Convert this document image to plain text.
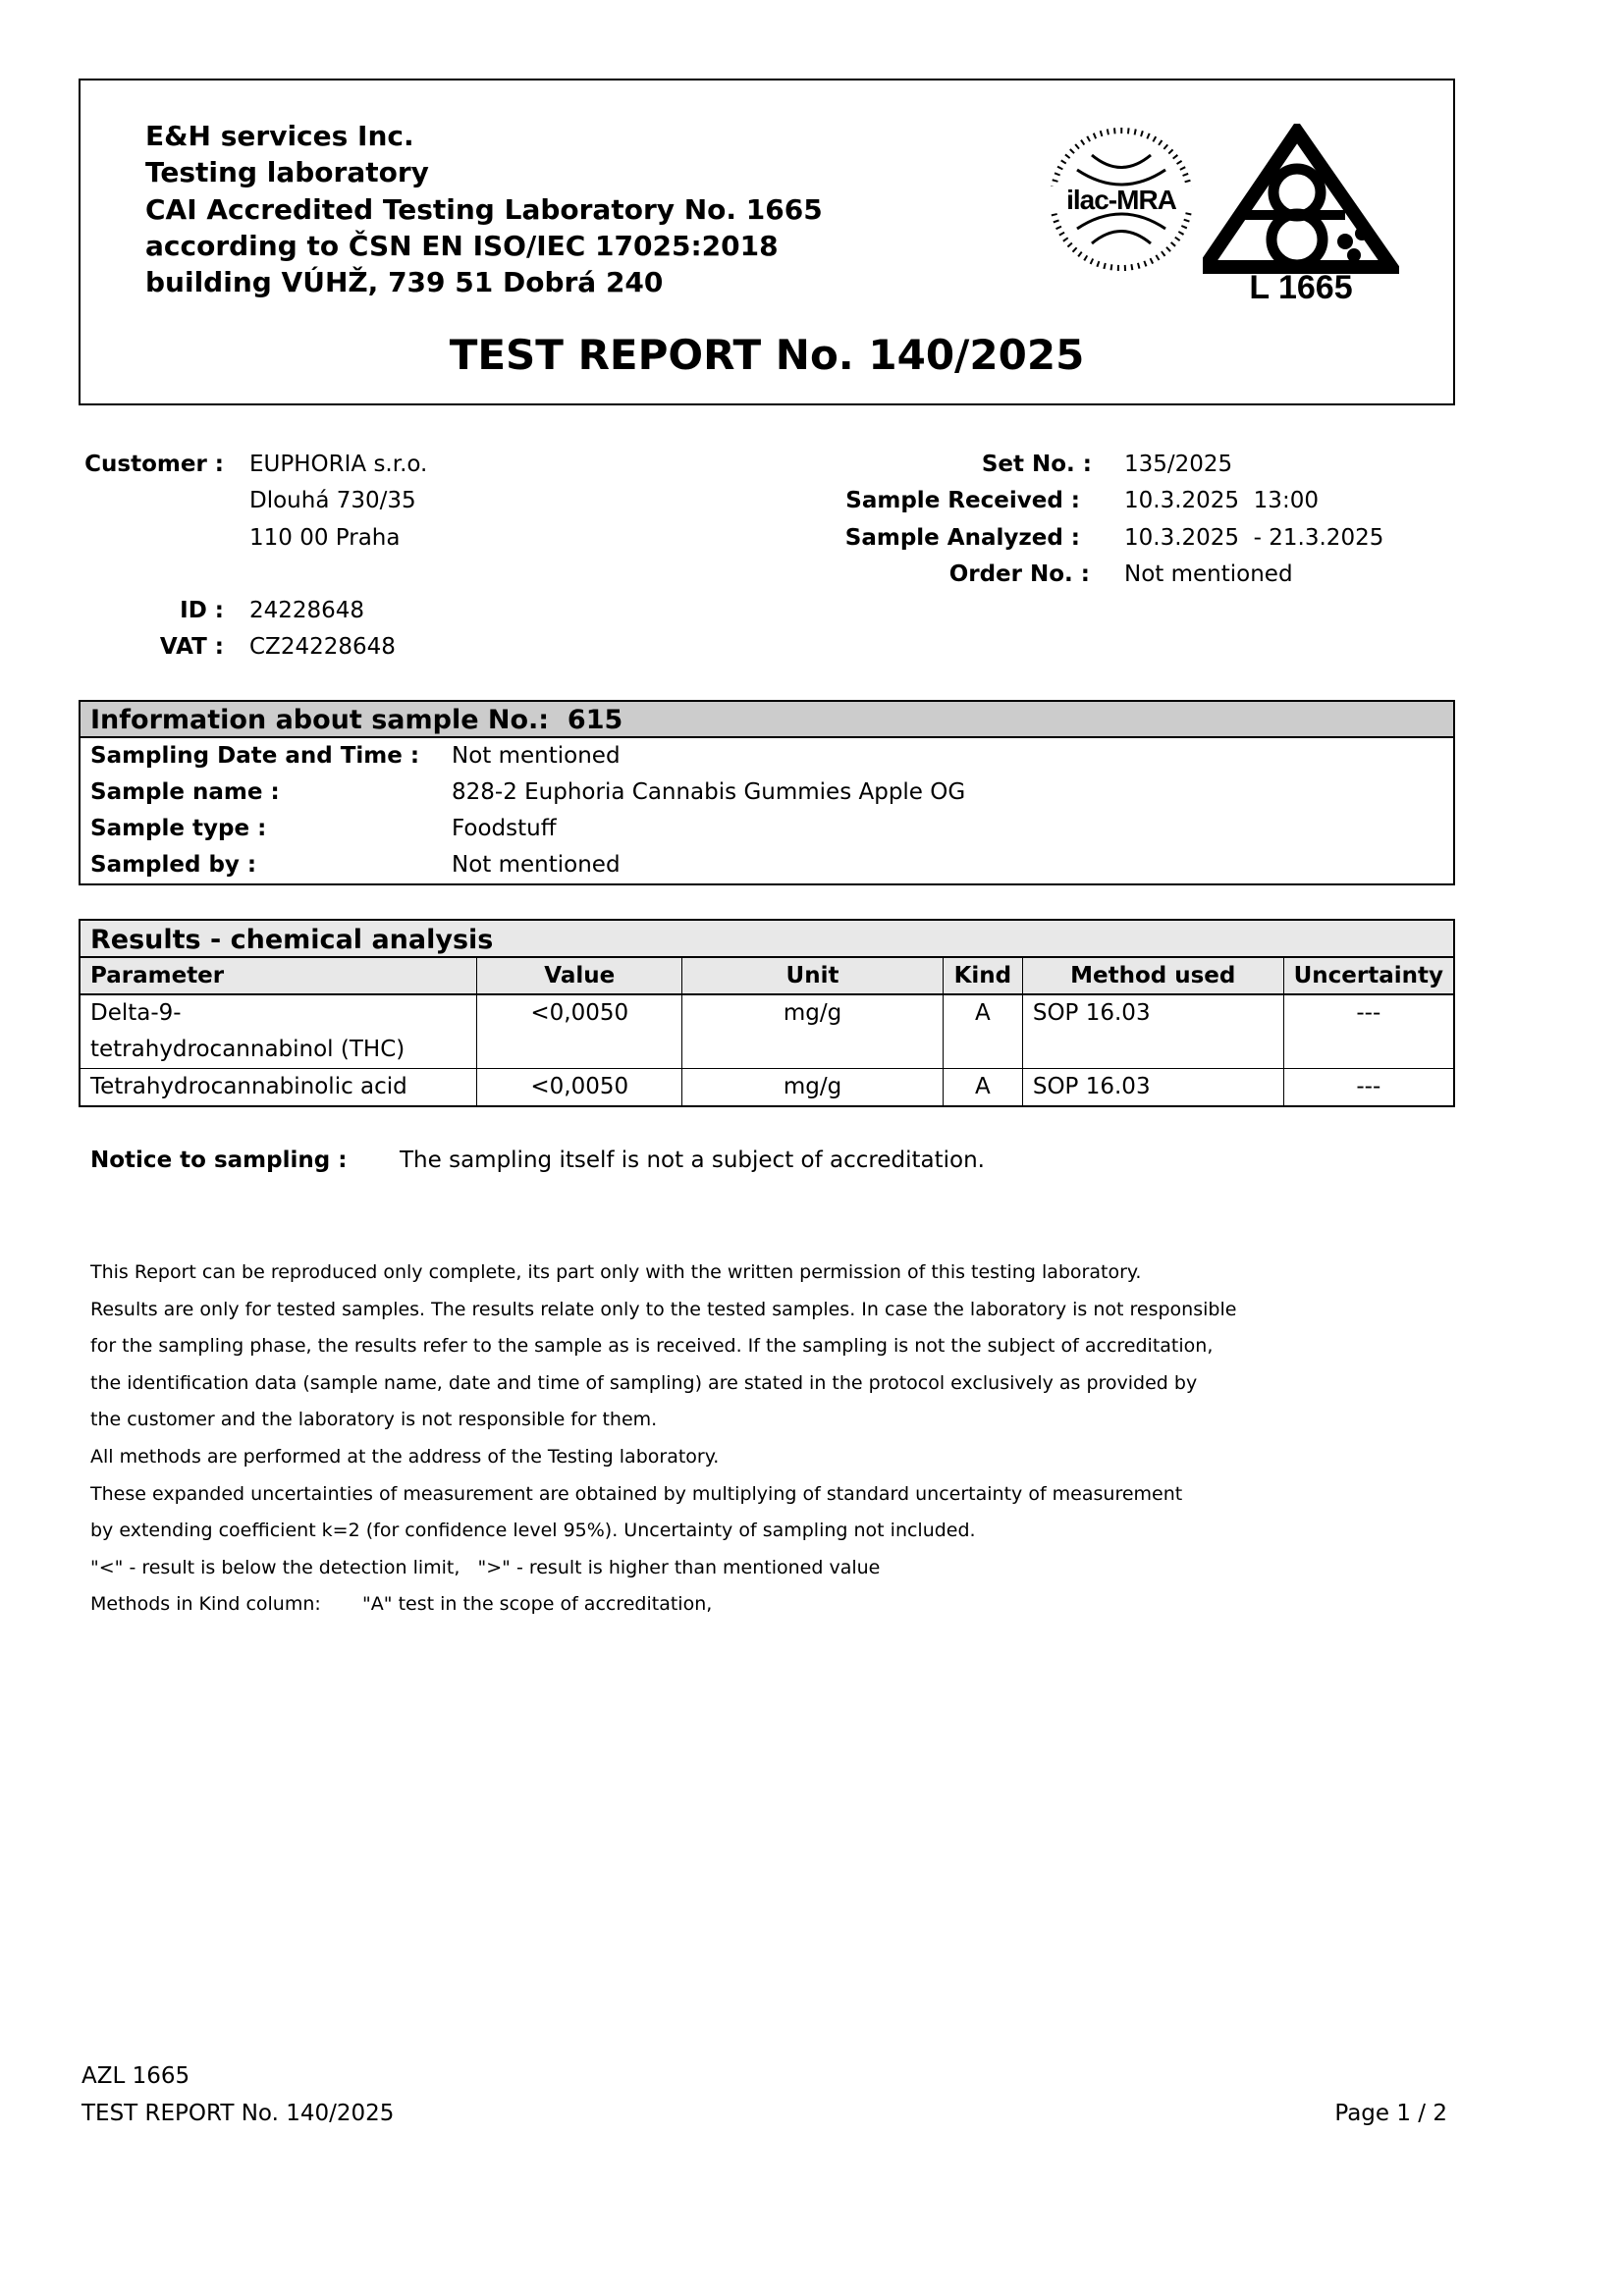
E&H services Inc.
Testing laboratory
CAI Accredited Testing Laboratory No. 1665
according to ČSN EN ISO/IEC 17025:2018
building VÚHŽ, 739 51 Dobrá 240
TEST REPORT No. 140/2025
ilac-MRA
L 1665
Customer : EUPHORIA s.r.o.
Dlouhá 730/35
110 00 Praha
ID : 24228648
VAT : CZ24228648
Set No. : 135/2025
Sample Received : 10.3.2025  13:00
Sample Analyzed : 10.3.2025  - 21.3.2025
Order No. : Not mentioned
Information about sample No.:  615
Sampling Date and Time : Not mentioned
Sample name :	828-2 Euphoria Cannabis Gummies Apple OG
Sample type :	Foodstuff
Sampled by :	Not mentioned
Results - chemical analysis
Parameter	Value	Unit	Kind	Method used	Uncertainty
Delta-9-tetrahydrocannabinol (THC)	<0,0050	mg/g	A	SOP 16.03	---
Tetrahydrocannabinolic acid	<0,0050	mg/g	A	SOP 16.03	---
Notice to sampling : The sampling itself is not a subject of accreditation.
This Report can be reproduced only complete, its part only with the written permission of this testing laboratory.
Results are only for tested samples. The results relate only to the tested samples. In case the laboratory is not responsible
for the sampling phase, the results refer to the sample as is received. If the sampling is not the subject of accreditation,
the identification data (sample name, date and time of sampling) are stated in the protocol exclusively as provided by
the customer and the laboratory is not responsible for them.
All methods are performed at the address of the Testing laboratory.
These expanded uncertainties of measurement are obtained by multiplying of standard uncertainty of measurement
by extending coefficient k=2 (for confidence level 95%). Uncertainty of sampling not included.
"<" - result is below the detection limit,   ">" - result is higher than mentioned value
Methods in Kind column:       "A" test in the scope of accreditation,
AZL 1665
TEST REPORT No. 140/2025	Page 1 / 2
